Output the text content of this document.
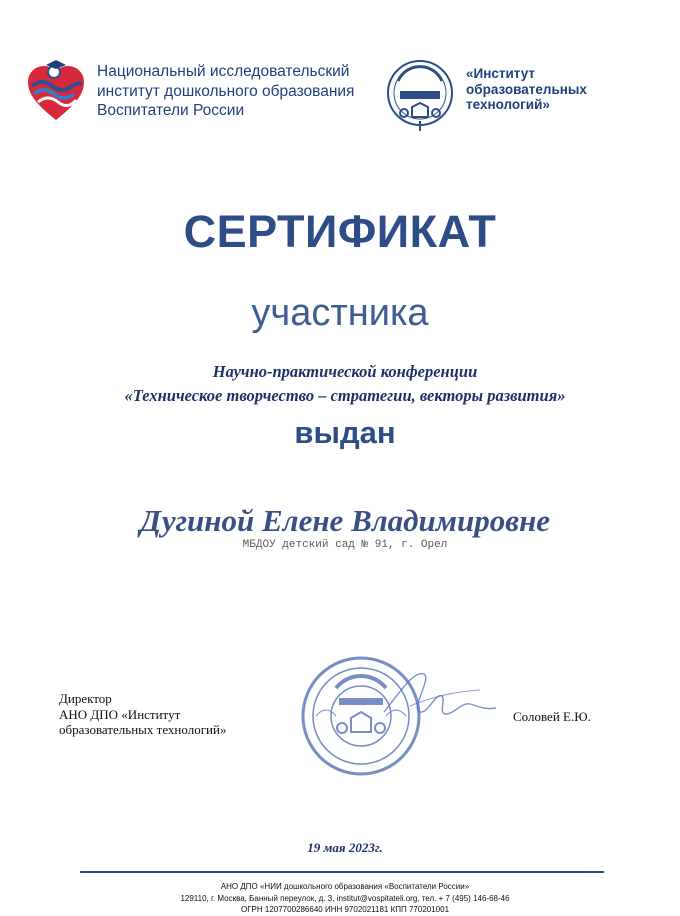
Национальный исследовательский
институт дошкольного образования
Воспитатели России
«Институт
образовательных
технологий»
СЕРТИФИКАТ
участника
Научно-практической конференции
«Техническое творчество – стратегии, векторы развития»
выдан
Дугиной Елене Владимировне
МБДОУ детский сад № 91, г. Орел
Директор
АНО ДПО «Институт
образовательных технологий»
Соловей Е.Ю.
19 мая 2023г.
АНО ДПО «НИИ дошкольного образования «Воспитатели России»
129110, г. Москва, Банный переулок, д. 3, institut@vospitateli.org, тел. + 7 (495) 146-68-46
ОГРН 1207700286640 ИНН 9702021181 КПП 770201001
